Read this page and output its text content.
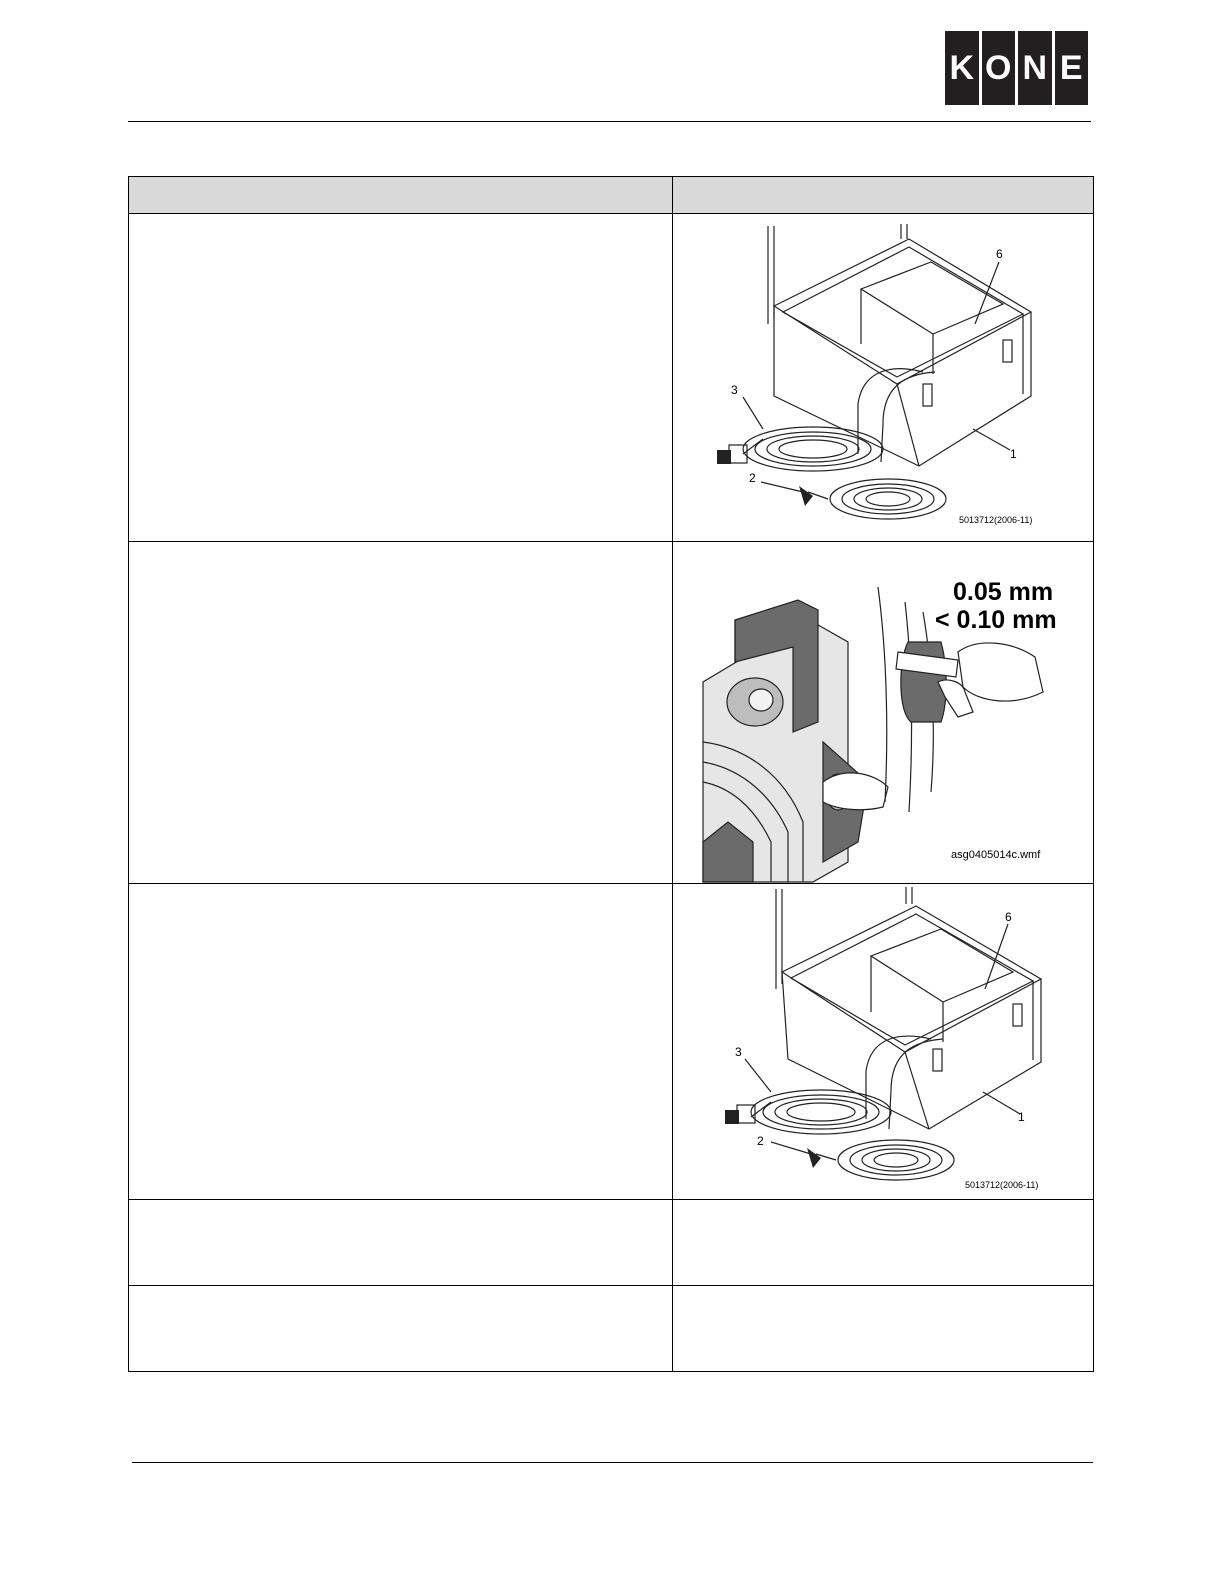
K O N E

6
3
1
2
5013712(2006-11)

0.05 mm
< 0.10 mm
asg0405014c.wmf

6
3
1
2
5013712(2006-11)
